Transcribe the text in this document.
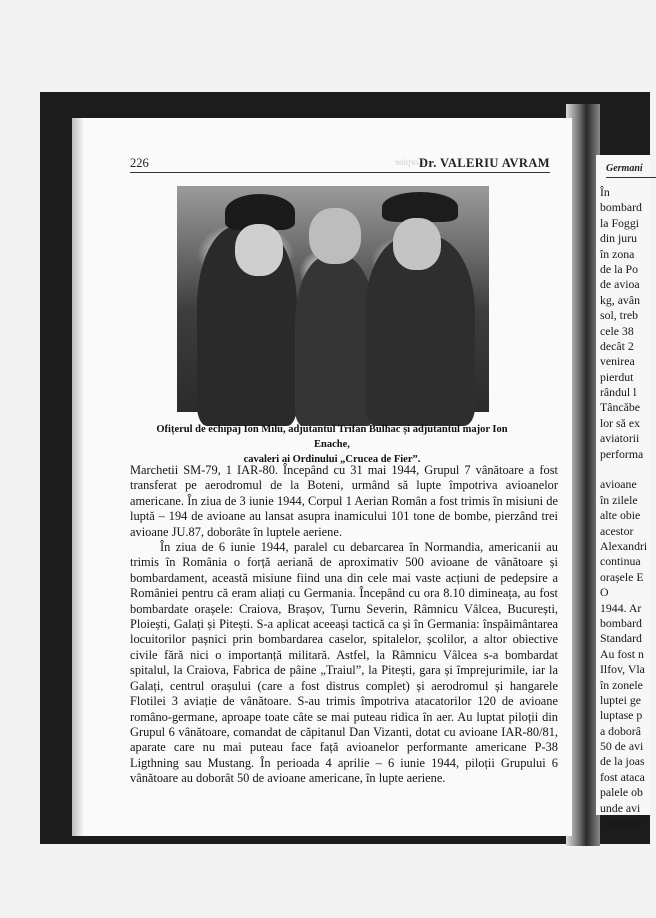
226	Korpine
Dr. VALERIU AVRAM
Ofițerul de echipaj Ion Milu, adjutantul Trifan Bulhac și adjutantul major Ion Enache,
cavaleri ai Ordinului „Crucea de Fier”.

Marchetii SM-79, 1 IAR-80. Începând cu 31 mai 1944, Grupul 7 vânătoare a fost transferat pe aerodromul de la Boteni, urmând să lupte împotriva avioanelor americane. În ziua de 3 iunie 1944, Corpul 1 Aerian Român a fost trimis în misiuni de luptă – 194 de avioane au lansat asupra inamicului 101 tone de bombe, pierzând trei avioane JU.87, doborâte în luptele aeriene.

În ziua de 6 iunie 1944, paralel cu debarcarea în Normandia, americanii au trimis în România o forță aeriană de aproximativ 500 avioane de vânătoare și bombardament, această misiune fiind una din cele mai vaste acțiuni de pedepsire a României pentru că eram aliați cu Germania. Începând cu ora 8.10 dimineața, au fost bombardate orașele: Craiova, Brașov, Turnu Severin, Râmnicu Vâlcea, București, Ploiești, Galați și Pitești. S-a aplicat aceeași tactică ca și în Germania: înspăimântarea locuitorilor pașnici prin bombardarea caselor, spitalelor, școlilor, a altor obiective civile fără nici o importanță militară. Astfel, la Râmnicu Vâlcea s-a bombardat spitalul, la Craiova, Fabrica de pâine „Traiul”, la Pitești, gara și împrejurimile, iar la Galați, centrul orașului (care a fost distrus complet) și aerodromul și hangarele Flotilei 3 aviație de vânătoare. S-au trimis împotriva atacatorilor 120 de avioane româno-germane, aproape toate câte se mai puteau ridica în aer. Au luptat piloții din Grupul 6 vânătoare, comandat de căpitanul Dan Vizanti, dotat cu avioane IAR-80/81, aparate care nu mai puteau face față avioanelor performante americane P-38 Ligthning sau Mustang. În perioada 4 aprilie – 6 iunie 1944, piloții Grupului 6 vânătoare au doborât 50 de avioane americane, în lupte aeriene.

Germani
În
bombard
la Foggi
din juru
în zona
de la Po
de avioa
kg, avân
sol, treb
cele 38
decât 2
venirea
pierdut
rândul l
Tâncăbe
lor să ex
aviatorii
performa
avioane
în zilele
alte obie
acestor
Alexandri
continua
orașele E
O
1944. Ar
bombard
Standard
Au fost n
Ilfov, Vla
în zonele
luptei ge
luptase p
a doborâ
50 de avi
de la joas
fost ataca
palele ob
unde avi
Călugăre
